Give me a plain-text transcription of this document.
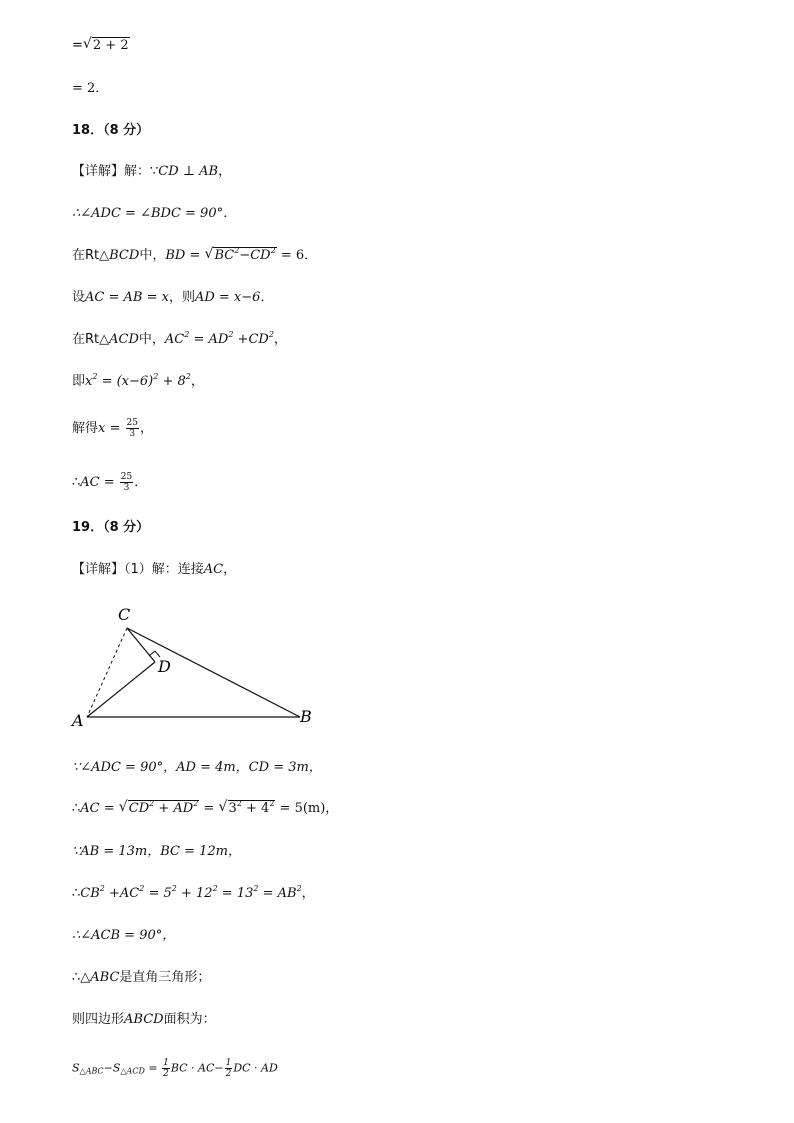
=√ 2 + 2
= 2．
18．（8 分）
【详解】解：∵CD ⊥ AB，
∴∠ADC = ∠BDC = 90°．
在Rt△BCD中，BD = √ $BC^2-CD^2 = 6$．
设AC = AB = x，则AD = x−6．
在Rt△ACD中，$AC^2 = AD^2 +CD^2$，
即$x^2 = (x-6)^2 + 8^2$，
解得$x = \frac{25}{3}$ ，
∴AC = $\frac{25}{3}$ ．
19．（8 分）
【详解】（1）解：连接AC，
C
D
A	B
∵∠ADC = 90°，AD = 4m，CD = 3m，
∴AC = √ $CD^2 + AD^2$ = √ $3^2 + 4^2 = 5(m)$，
∵AB = 13m，BC = 12m，
$\therefore CB^2 +AC^2 = 5^2 + 12^2 = 13^2 = AB^2$，
∴∠ACB = 90°，
∴△ABC是直角三角形；
则四边形ABCD面积为：
$S_{\triangle ABC}-S_{\triangle ACD} = \frac{1}{2}$ BC · $AC- \frac{1}{2}$ DC · AD
